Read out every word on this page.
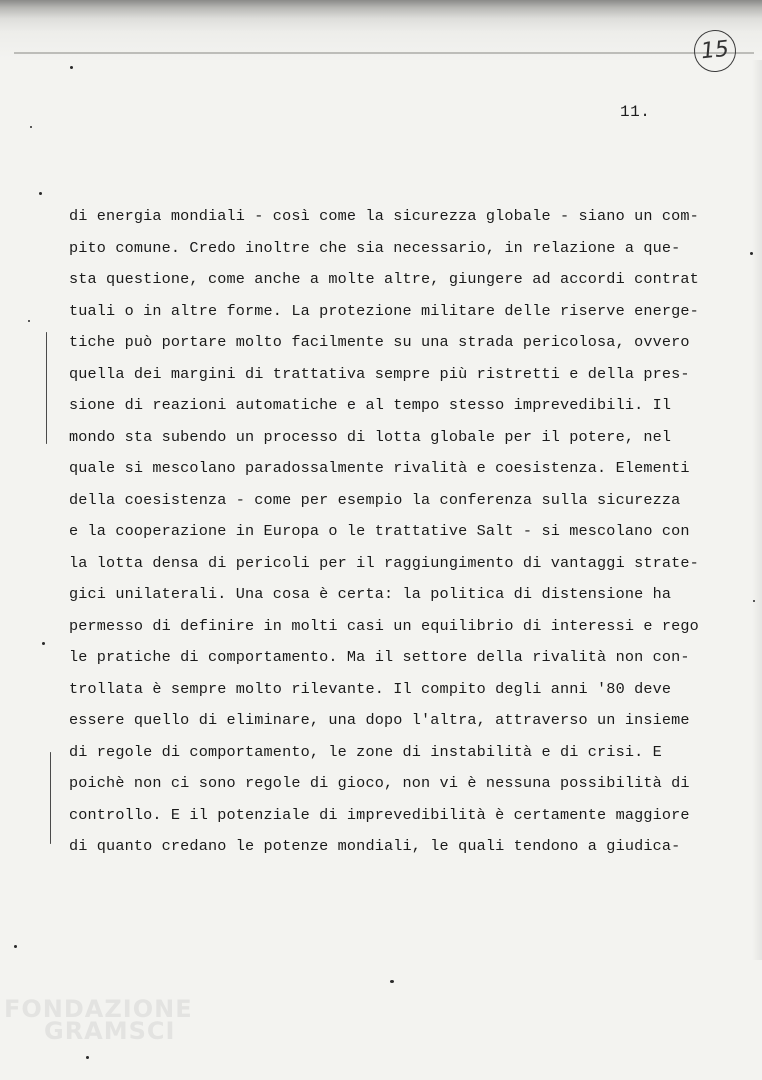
15
11.
di energia mondiali - così come la sicurezza globale - siano un com-
pito comune. Credo inoltre che sia necessario, in relazione a que-
sta questione, come anche a molte altre, giungere ad accordi contrat
tuali o in altre forme. La protezione militare delle riserve energe-
tiche può portare molto facilmente su una strada pericolosa, ovvero
quella dei margini di trattativa sempre più ristretti e della pres-
sione di reazioni automatiche e al tempo stesso imprevedibili. Il
mondo sta subendo un processo di lotta globale per il potere, nel
quale si mescolano paradossalmente rivalità e coesistenza. Elementi
della coesistenza - come per esempio la conferenza sulla sicurezza
e la cooperazione in Europa o le trattative Salt - si mescolano con
la lotta densa di pericoli per il raggiungimento di vantaggi strate-
gici unilaterali. Una cosa è certa: la politica di distensione ha
permesso di definire in molti casi un equilibrio di interessi e rego
le pratiche di comportamento. Ma il settore della rivalità non con-
trollata è sempre molto rilevante. Il compito degli anni '80 deve
essere quello di eliminare, una dopo l'altra, attraverso un insieme
di regole di comportamento, le zone di instabilità e di crisi. E
poichè non ci sono regole di gioco, non vi è nessuna possibilità di
controllo. E il potenziale di imprevedibilità è certamente maggiore
di quanto credano le potenze mondiali, le quali tendono a giudica-
FONDAZIONE
GRAMSCI
